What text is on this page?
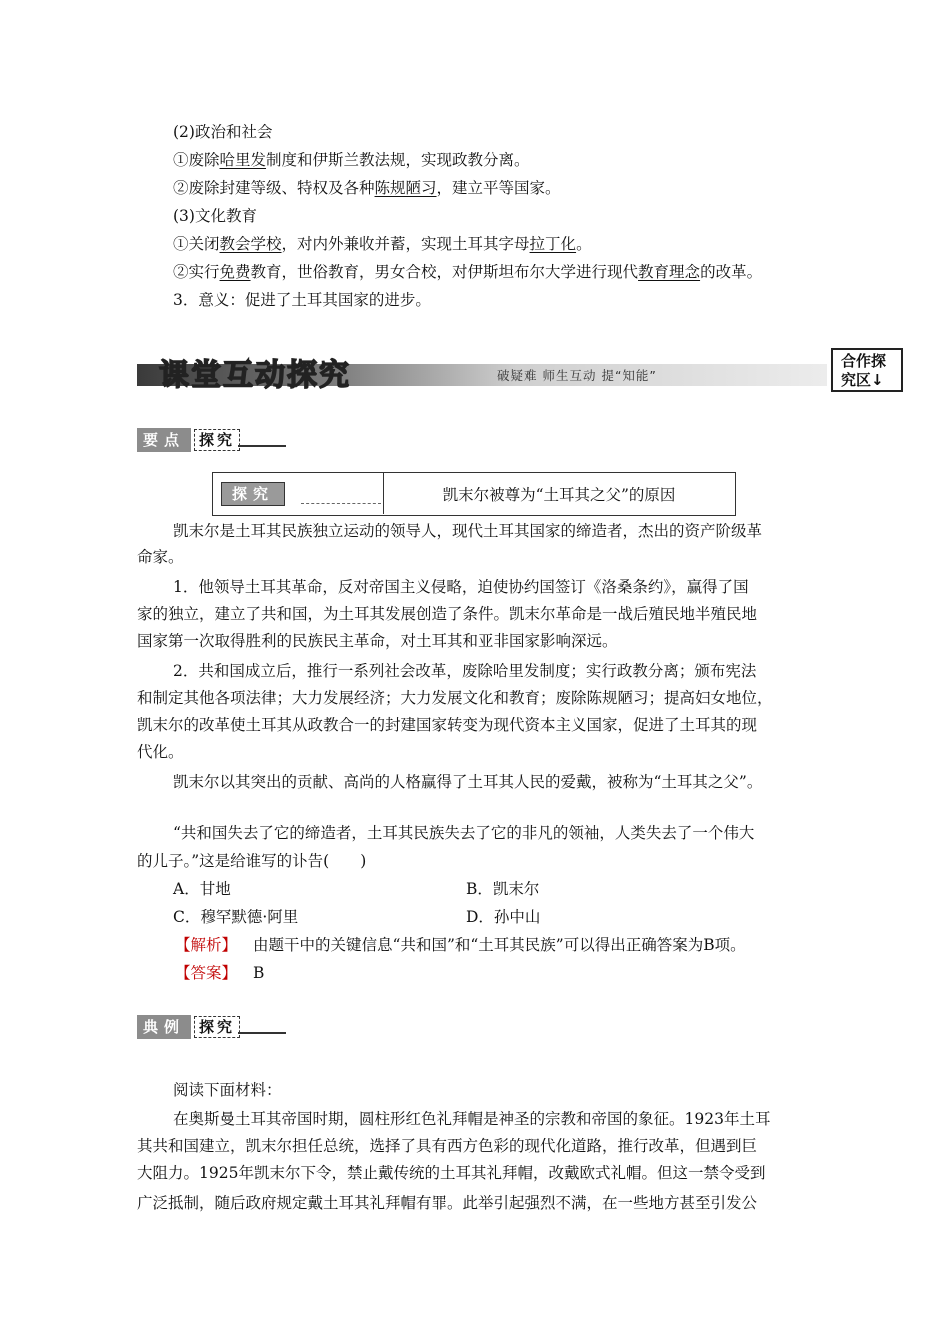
(2)政治和社会
①废除哈里发制度和伊斯兰教法规，实现政教分离。
②废除封建等级、特权及各种陈规陋习，建立平等国家。
(3)文化教育
①关闭教会学校，对内外兼收并蓄，实现土耳其字母拉丁化。
②实行免费教育，世俗教育，男女合校，对伊斯坦布尔大学进行现代教育理念的改革。
3．意义：促进了土耳其国家的进步。
课堂互动探究	破疑难 师生互动 提“知能”
合作探
究区↓
要点 探究
探究	凯末尔被尊为“土耳其之父”的原因
凯末尔是土耳其民族独立运动的领导人，现代土耳其国家的缔造者，杰出的资产阶级革
命家。
1．他领导土耳其革命，反对帝国主义侵略，迫使协约国签订《洛桑条约》，赢得了国
家的独立，建立了共和国，为土耳其发展创造了条件。凯末尔革命是一战后殖民地半殖民地
国家第一次取得胜利的民族民主革命，对土耳其和亚非国家影响深远。
2．共和国成立后，推行一系列社会改革，废除哈里发制度；实行政教分离；颁布宪法
和制定其他各项法律；大力发展经济；大力发展文化和教育；废除陈规陋习；提高妇女地位，
凯末尔的改革使土耳其从政教合一的封建国家转变为现代资本主义国家，促进了土耳其的现
代化。
凯末尔以其突出的贡献、高尚的人格赢得了土耳其人民的爱戴，被称为“土耳其之父”。
“共和国失去了它的缔造者，土耳其民族失去了它的非凡的领袖，人类失去了一个伟大
的儿子。”这是给谁写的讣告(　　)
A．甘地	B．凯末尔
C．穆罕默德·阿里	D．孙中山
【解析】 由题干中的关键信息“共和国”和“土耳其民族”可以得出正确答案为B项。
【答案】 B
典例 探究
阅读下面材料：
在奥斯曼土耳其帝国时期，圆柱形红色礼拜帽是神圣的宗教和帝国的象征。1923年土耳
其共和国建立，凯末尔担任总统，选择了具有西方色彩的现代化道路，推行改革，但遇到巨
大阻力。1925年凯末尔下令，禁止戴传统的土耳其礼拜帽，改戴欧式礼帽。但这一禁令受到
广泛抵制，随后政府规定戴土耳其礼拜帽有罪。此举引起强烈不满，在一些地方甚至引发公
